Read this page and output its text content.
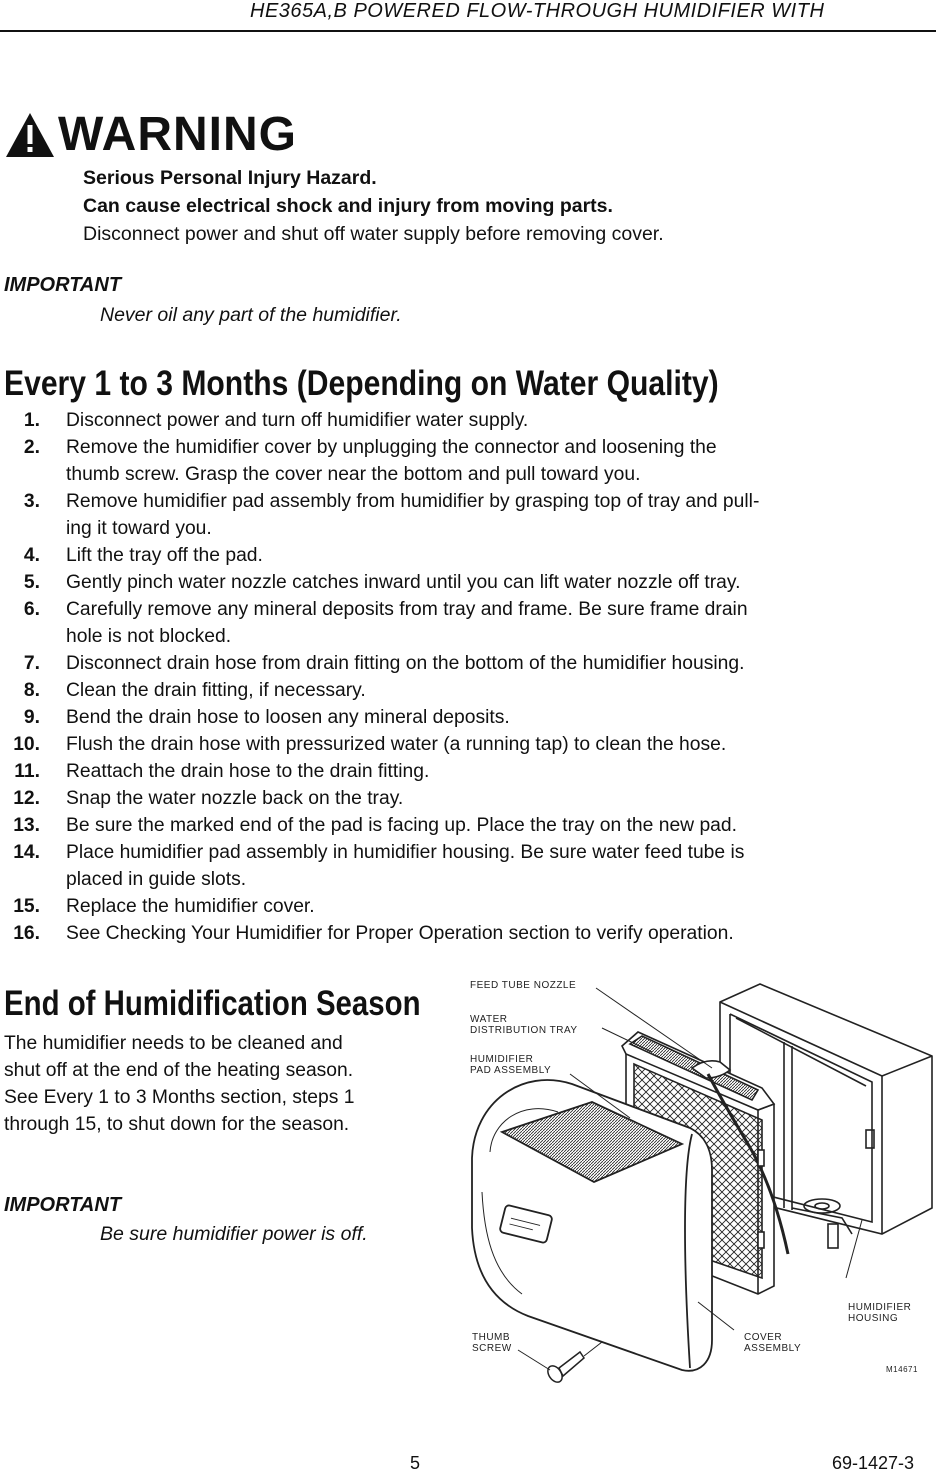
HE365A,B POWERED FLOW-THROUGH HUMIDIFIER WITH
WARNING
Serious Personal Injury Hazard.
Can cause electrical shock and injury from moving parts.
Disconnect power and shut off water supply before removing cover.
IMPORTANT
Never oil any part of the humidifier.
Every 1 to 3 Months (Depending on Water Quality)
1. Disconnect power and turn off humidifier water supply.
2. Remove the humidifier cover by unplugging the connector and loosening the
thumb screw. Grasp the cover near the bottom and pull toward you.
3. Remove humidifier pad assembly from humidifier by grasping top of tray and pull-
ing it toward you.
4. Lift the tray off the pad.
5. Gently pinch water nozzle catches inward until you can lift water nozzle off tray.
6. Carefully remove any mineral deposits from tray and frame. Be sure frame drain
hole is not blocked.
7. Disconnect drain hose from drain fitting on the bottom of the humidifier housing.
8. Clean the drain fitting, if necessary.
9. Bend the drain hose to loosen any mineral deposits.
10. Flush the drain hose with pressurized water (a running tap) to clean the hose.
11. Reattach the drain hose to the drain fitting.
12. Snap the water nozzle back on the tray.
13. Be sure the marked end of the pad is facing up. Place the tray on the new pad.
14. Place humidifier pad assembly in humidifier housing. Be sure water feed tube is
placed in guide slots.
15. Replace the humidifier cover.
16. See Checking Your Humidifier for Proper Operation section to verify operation.
End of Humidification Season
The humidifier needs to be cleaned and
shut off at the end of the heating season.
See Every 1 to 3 Months section, steps 1
through 15, to shut down for the season.
IMPORTANT
Be sure humidifier power is off.
FEED TUBE NOZZLE
WATER
DISTRIBUTION TRAY
HUMIDIFIER
PAD ASSEMBLY
HUMIDIFIER
HOUSING
THUMB
SCREW
COVER
ASSEMBLY
M14671
5	69-1427-3
